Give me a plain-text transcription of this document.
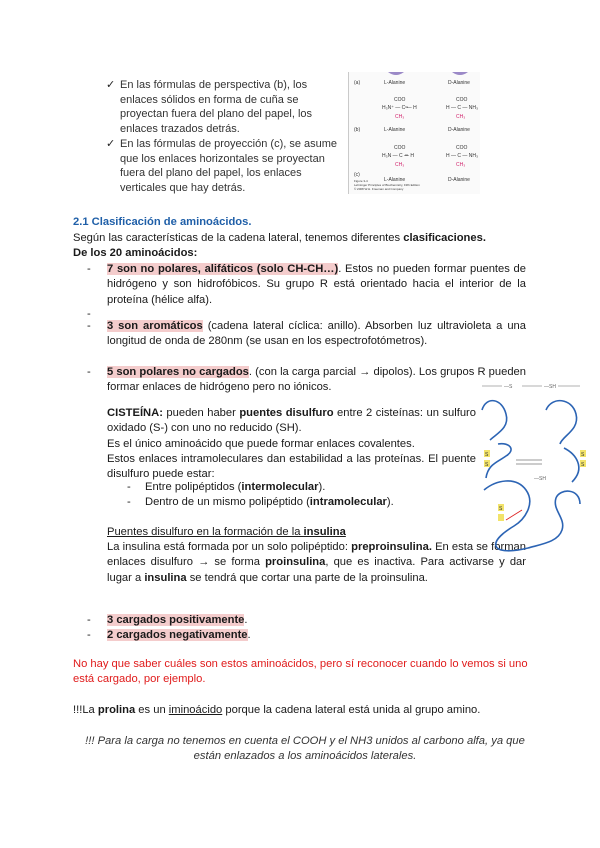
✓ En las fórmulas de perspectiva (b), los enlaces sólidos en forma de cuña se proyectan fuera del plano del papel, los enlaces trazados detrás.
✓ En las fórmulas de proyección (c), se asume que los enlaces horizontales se proyectan fuera del plano del papel, los enlaces verticales que hay detrás.
(a)	L-Alanine	D-Alanine
COO
H₃N⁺ — C — H
CH₃
COO
H — C — NH₃
CH₃
(b)	L-Alanine	D-Alanine
COO
H₃N — C — H
CH₃
COO
H — C — NH₃
CH₃
(c)
L-Alanine	D-Alanine
Figure 3-4
Lehninger Principles of Biochemistry, Fifth Edition
© 2008 W.H. Freeman and Company
2.1 Clasificación de aminoácidos.
Según las características de la cadena lateral, tenemos diferentes clasificaciones.
De los 20 aminoácidos:
- 7 son no polares, alifáticos (solo CH-CH…). Estos no pueden formar puentes de hidrógeno y son hidrofóbicos. Su grupo R está orientado hacia el interior de la proteína (hélice alfa).
-
- 3 son aromáticos (cadena lateral cíclica: anillo). Absorben luz ultravioleta a una longitud de onda de 280nm (se usan en los espectrofotómetros).
- 5 son polares no cargados. (con la carga parcial → dipolos). Los grupos R pueden formar enlaces de hidrógeno pero no iónicos.
CISTEÍNA: pueden haber puentes disulfuro entre 2 cisteínas: un sulfuro oxidado (S-) con uno no reducido (SH).
Es el único aminoácido que puede formar enlaces covalentes.
Estos enlaces intramoleculares dan estabilidad a las proteínas. El puente disulfuro puede estar:
- Entre polipéptidos (intermolecular).
- Dentro de un mismo polipéptido (intramolecular).
Puentes disulfuro en la formación de la insulina
La insulina está formada por un solo polipéptido: preproinsulina. En esta se forman enlaces disulfuro → se forma proinsulina, que es inactiva. Para activarse y dar lugar a insulina se tendrá que cortar una parte de la proinsulina.
—S	—SH
S
S
S
S
—SH
S
- 3 cargados positivamente.
- 2 cargados negativamente.
No hay que saber cuáles son estos aminoácidos, pero sí reconocer cuando lo vemos si uno está cargado, por ejemplo.
!!!La prolina es un iminoácido porque la cadena lateral está unida al grupo amino.
!!! Para la carga no tenemos en cuenta el COOH y el NH3 unidos al carbono alfa, ya que están enlazados a los aminoácidos laterales.
